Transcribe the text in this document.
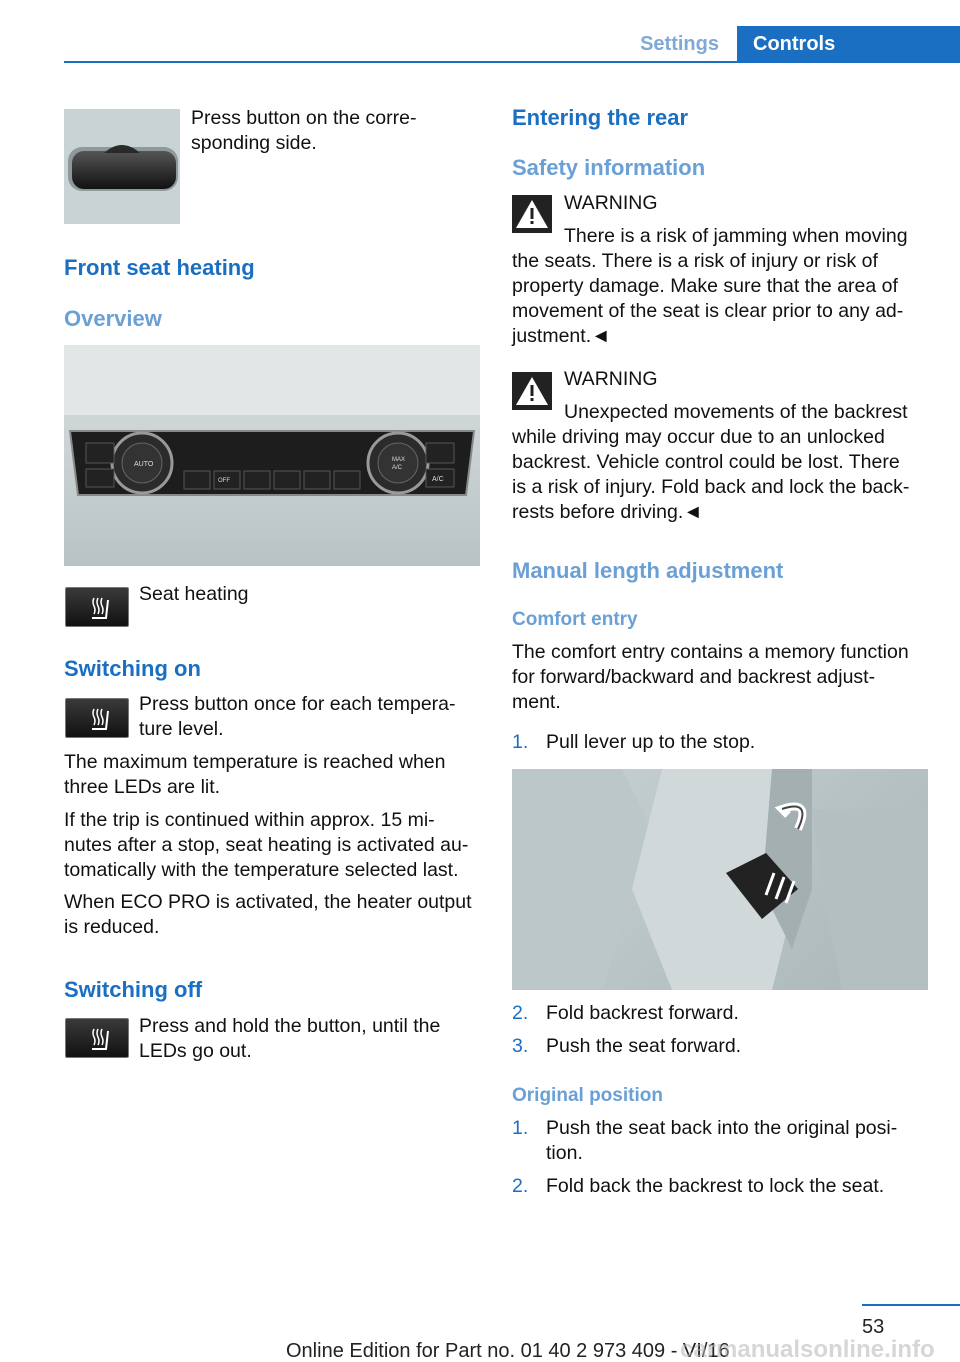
Settings	Controls
Press button on the corre-
sponding side.
Front seat heating
Overview
AUTO
MAX
A/C
A/C
OFF
Seat heating
Switching on
Press button once for each tempera-
ture level.
The maximum temperature is reached when
three LEDs are lit.
If the trip is continued within approx. 15 mi-
nutes after a stop, seat heating is activated au-
tomatically with the temperature selected last.
When ECO PRO is activated, the heater output
is reduced.
Switching off
Press and hold the button, until the
LEDs go out.
Entering the rear
Safety information
WARNING
There is a risk of jamming when moving
the seats. There is a risk of injury or risk of
property damage. Make sure that the area of
movement of the seat is clear prior to any ad-
justment.◄
WARNING
Unexpected movements of the backrest
while driving may occur due to an unlocked
backrest. Vehicle control could be lost. There
is a risk of injury. Fold back and lock the back-
rests before driving.◄
Manual length adjustment
Comfort entry
The comfort entry contains a memory function
for forward/backward and backrest adjust-
ment.
1. Pull lever up to the stop.
2. Fold backrest forward.
3. Push the seat forward.
Original position
1. Push the seat back into the original posi-
tion.
2. Fold back the backrest to lock the seat.
53
Online Edition for Part no. 01 40 2 973 409 - VI/16
carmanualsonline.info
